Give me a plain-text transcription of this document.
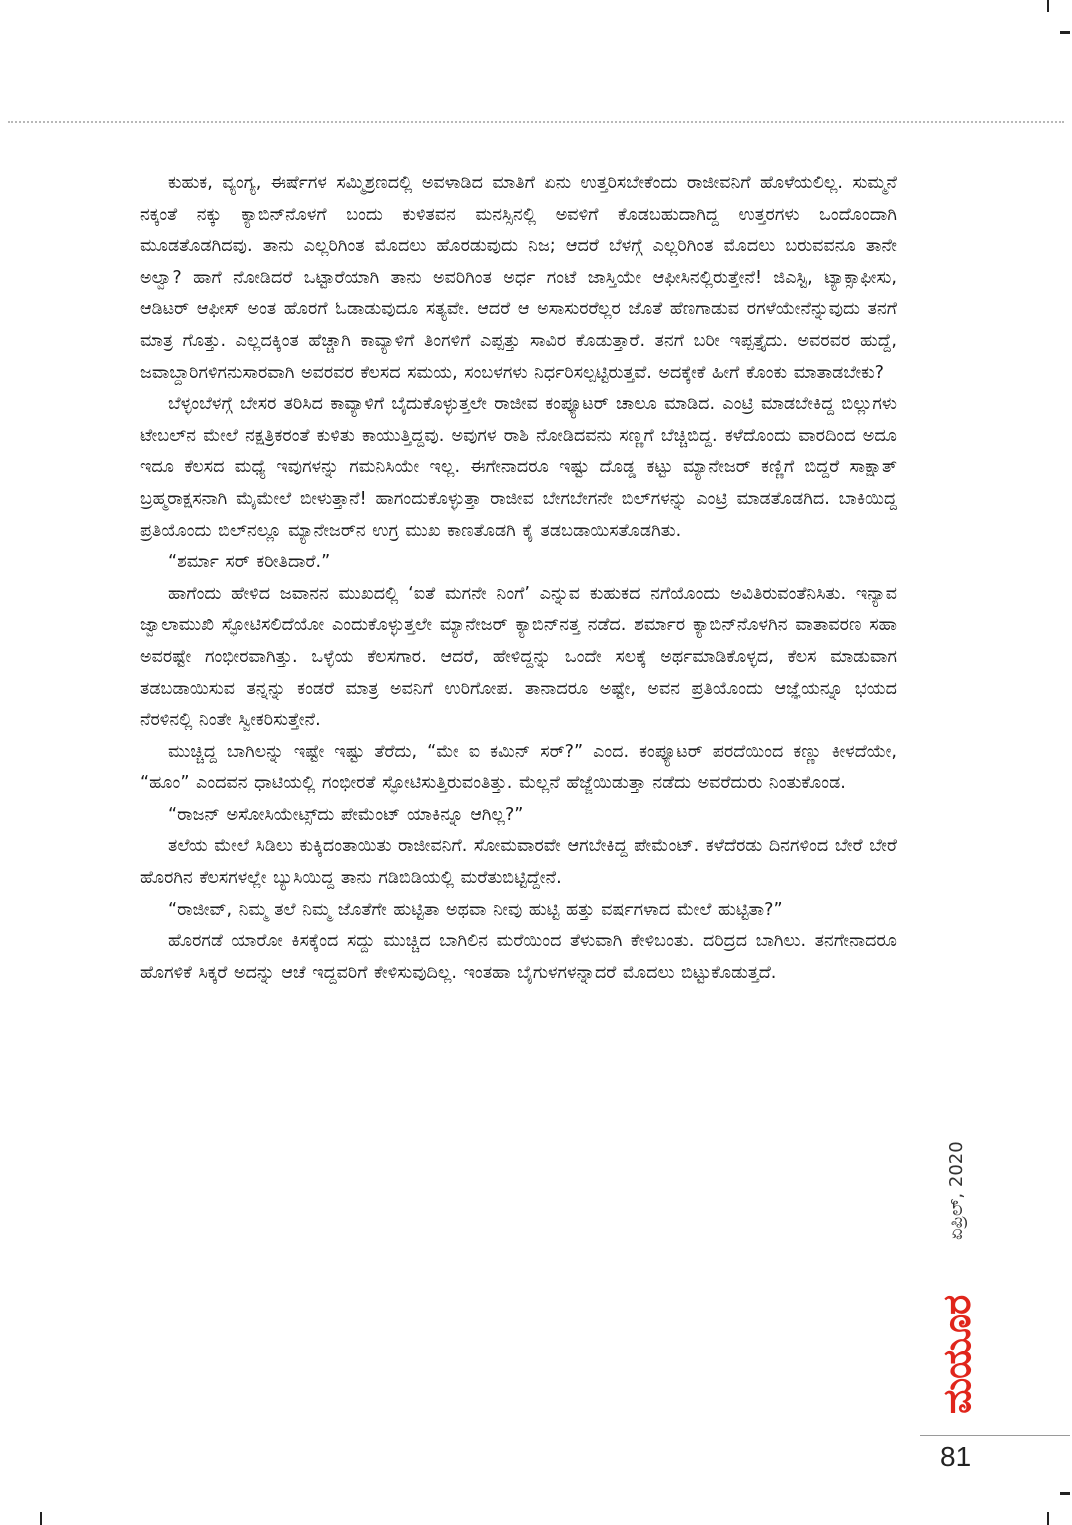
ಕುಹುಕ, ವ್ಯಂಗ್ಯ, ಈರ್ಷೆಗಳ ಸಮ್ಮಿಶ್ರಣದಲ್ಲಿ ಅವಳಾಡಿದ ಮಾತಿಗೆ ಏನು ಉತ್ತರಿಸಬೇಕೆಂದು ರಾಜೀವನಿಗೆ ಹೊಳೆಯಲಿಲ್ಲ. ಸುಮ್ಮನೆ ನಕ್ಕಂತೆ ನಕ್ಕು ಕ್ಯಾಬಿನ್‌ನೊಳಗೆ ಬಂದು ಕುಳಿತವನ ಮನಸ್ಸಿನಲ್ಲಿ ಅವಳಿಗೆ ಕೊಡಬಹುದಾಗಿದ್ದ ಉತ್ತರಗಳು ಒಂದೊಂದಾಗಿ ಮೂಡತೊಡಗಿದವು. ತಾನು ಎಲ್ಲರಿಗಿಂತ ಮೊದಲು ಹೊರಡುವುದು ನಿಜ; ಆದರೆ ಬೆಳಗ್ಗೆ ಎಲ್ಲರಿಗಿಂತ ಮೊದಲು ಬರುವವನೂ ತಾನೇ ಅಲ್ವಾ? ಹಾಗೆ ನೋಡಿದರೆ ಒಟ್ಟಾರೆಯಾಗಿ ತಾನು ಅವರಿಗಿಂತ ಅರ್ಧ ಗಂಟೆ ಜಾಸ್ತಿಯೇ ಆಫೀಸಿನಲ್ಲಿರುತ್ತೇನೆ! ಜಿಎಸ್ಟಿ, ಟ್ಯಾಕ್ಸಾಫೀಸು, ಆಡಿಟರ್ ಆಫೀಸ್ ಅಂತ ಹೊರಗೆ ಓಡಾಡುವುದೂ ಸತ್ಯವೇ. ಆದರೆ ಆ ಅಸಾಸುರರೆಲ್ಲರ ಜೊತೆ ಹೆಣಗಾಡುವ ರಗಳೆಯೇನೆನ್ನುವುದು ತನಗೆ ಮಾತ್ರ ಗೊತ್ತು. ಎಲ್ಲದಕ್ಕಿಂತ ಹೆಚ್ಚಾಗಿ ಕಾವ್ಯಾಳಿಗೆ ತಿಂಗಳಿಗೆ ಎಪ್ಪತ್ತು ಸಾವಿರ ಕೊಡುತ್ತಾರೆ. ತನಗೆ ಬರೀ ಇಪ್ಪತ್ತೈದು. ಅವರವರ ಹುದ್ದೆ, ಜವಾಬ್ದಾರಿಗಳಿಗನುಸಾರವಾಗಿ ಅವರವರ ಕೆಲಸದ ಸಮಯ, ಸಂಬಳಗಳು ನಿರ್ಧರಿಸಲ್ಪಟ್ಟಿರುತ್ತವೆ. ಅದಕ್ಕೇಕೆ ಹೀಗೆ ಕೊಂಕು ಮಾತಾಡಬೇಕು?

ಬೆಳ್ಳಂಬೆಳಗ್ಗೆ ಬೇಸರ ತರಿಸಿದ ಕಾವ್ಯಾಳಿಗೆ ಬೈದುಕೊಳ್ಳುತ್ತಲೇ ರಾಜೀವ ಕಂಪ್ಯೂಟರ್ ಚಾಲೂ ಮಾಡಿದ. ಎಂಟ್ರಿ ಮಾಡಬೇಕಿದ್ದ ಬಿಲ್ಲುಗಳು ಟೇಬಲ್‌ನ ಮೇಲೆ ನಕ್ಷತ್ರಿಕರಂತೆ ಕುಳಿತು ಕಾಯುತ್ತಿದ್ದವು. ಅವುಗಳ ರಾಶಿ ನೋಡಿದವನು ಸಣ್ಣಗೆ ಬೆಚ್ಚಿಬಿದ್ದ. ಕಳೆದೊಂದು ವಾರದಿಂದ ಅದೂ ಇದೂ ಕೆಲಸದ ಮಧ್ಯೆ ಇವುಗಳನ್ನು ಗಮನಿಸಿಯೇ ಇಲ್ಲ. ಈಗೇನಾದರೂ ಇಷ್ಟು ದೊಡ್ಡ ಕಟ್ಟು ಮ್ಯಾನೇಜರ್ ಕಣ್ಣಿಗೆ ಬಿದ್ದರೆ ಸಾಕ್ಷಾತ್ ಬ್ರಹ್ಮರಾಕ್ಷಸನಾಗಿ ಮೈಮೇಲೆ ಬೀಳುತ್ತಾನೆ! ಹಾಗಂದುಕೊಳ್ಳುತ್ತಾ ರಾಜೀವ ಬೇಗಬೇಗನೇ ಬಿಲ್‌ಗಳನ್ನು ಎಂಟ್ರಿ ಮಾಡತೊಡಗಿದ. ಬಾಕಿಯಿದ್ದ ಪ್ರತಿಯೊಂದು ಬಿಲ್‌ನಲ್ಲೂ ಮ್ಯಾನೇಜರ್‌ನ ಉಗ್ರ ಮುಖ ಕಾಣತೊಡಗಿ ಕೈ ತಡಬಡಾಯಿಸತೊಡಗಿತು.

“ಶರ್ಮಾ ಸರ್ ಕರೀತಿದಾರೆ.”

ಹಾಗೆಂದು ಹೇಳಿದ ಜವಾನನ ಮುಖದಲ್ಲಿ ‘ಐತೆ ಮಗನೇ ನಿಂಗೆ’ ಎನ್ನುವ ಕುಹುಕದ ನಗೆಯೊಂದು ಅವಿತಿರುವಂತೆನಿಸಿತು. ಇನ್ಯಾವ ಜ್ವಾಲಾಮುಖಿ ಸ್ಫೋಟಿಸಲಿದೆಯೋ ಎಂದುಕೊಳ್ಳುತ್ತಲೇ ಮ್ಯಾನೇಜರ್ ಕ್ಯಾಬಿನ್‌ನತ್ತ ನಡೆದ. ಶರ್ಮಾರ ಕ್ಯಾಬಿನ್‌ನೊಳಗಿನ ವಾತಾವರಣ ಸಹಾ ಅವರಷ್ಟೇ ಗಂಭೀರವಾಗಿತ್ತು. ಒಳ್ಳೆಯ ಕೆಲಸಗಾರ. ಆದರೆ, ಹೇಳಿದ್ದನ್ನು ಒಂದೇ ಸಲಕ್ಕೆ ಅರ್ಥಮಾಡಿಕೊಳ್ಳದ, ಕೆಲಸ ಮಾಡುವಾಗ ತಡಬಡಾಯಿಸುವ ತನ್ನನ್ನು ಕಂಡರೆ ಮಾತ್ರ ಅವನಿಗೆ ಉರಿಗೋಪ. ತಾನಾದರೂ ಅಷ್ಟೇ, ಅವನ ಪ್ರತಿಯೊಂದು ಆಜ್ಞೆಯನ್ನೂ ಭಯದ ನೆರಳಿನಲ್ಲಿ ನಿಂತೇ ಸ್ವೀಕರಿಸುತ್ತೇನೆ.

ಮುಚ್ಚಿದ್ದ ಬಾಗಿಲನ್ನು ಇಷ್ಟೇ ಇಷ್ಟು ತೆರೆದು, “ಮೇ ಐ ಕಮಿನ್ ಸರ್?” ಎಂದ. ಕಂಪ್ಯೂಟರ್ ಪರದೆಯಿಂದ ಕಣ್ಣು ಕೀಳದೆಯೇ, “ಹೂಂ” ಎಂದವನ ಧಾಟಿಯಲ್ಲಿ ಗಂಭೀರತೆ ಸ್ಫೋಟಿಸುತ್ತಿರುವಂತಿತ್ತು. ಮೆಲ್ಲನೆ ಹೆಜ್ಜೆಯಿಡುತ್ತಾ ನಡೆದು ಅವರೆದುರು ನಿಂತುಕೊಂಡ.

“ರಾಜನ್ ಅಸೋಸಿಯೇಟ್ಸ್‌ದು ಪೇಮೆಂಟ್ ಯಾಕಿನ್ನೂ ಆಗಿಲ್ಲ?”

ತಲೆಯ ಮೇಲೆ ಸಿಡಿಲು ಕುಕ್ಕಿದಂತಾಯಿತು ರಾಜೀವನಿಗೆ. ಸೋಮವಾರವೇ ಆಗಬೇಕಿದ್ದ ಪೇಮೆಂಟ್. ಕಳೆದೆರಡು ದಿನಗಳಿಂದ ಬೇರೆ ಬೇರೆ ಹೊರಗಿನ ಕೆಲಸಗಳಲ್ಲೇ ಬ್ಯುಸಿಯಿದ್ದ ತಾನು ಗಡಿಬಿಡಿಯಲ್ಲಿ ಮರೆತುಬಿಟ್ಟಿದ್ದೇನೆ.

“ರಾಜೀವ್, ನಿಮ್ಮ ತಲೆ ನಿಮ್ಮ ಜೊತೆಗೇ ಹುಟ್ಟಿತಾ ಅಥವಾ ನೀವು ಹುಟ್ಟಿ ಹತ್ತು ವರ್ಷಗಳಾದ ಮೇಲೆ ಹುಟ್ಟಿತಾ?”

ಹೊರಗಡೆ ಯಾರೋ ಕಿಸಕ್ಕೆಂದ ಸದ್ದು ಮುಚ್ಚಿದ ಬಾಗಿಲಿನ ಮರೆಯಿಂದ ತೆಳುವಾಗಿ ಕೇಳಿಬಂತು. ದರಿದ್ರದ ಬಾಗಿಲು. ತನಗೇನಾದರೂ ಹೊಗಳಿಕೆ ಸಿಕ್ಕರೆ ಅದನ್ನು ಆಚೆ ಇದ್ದವರಿಗೆ ಕೇಳಿಸುವುದಿಲ್ಲ. ಇಂತಹಾ ಬೈಗುಳಗಳನ್ನಾದರೆ ಮೊದಲು ಬಿಟ್ಟುಕೊಡುತ್ತದೆ.

ಏಪ್ರಿಲ್, 2020
ಮಯೂರ
81
